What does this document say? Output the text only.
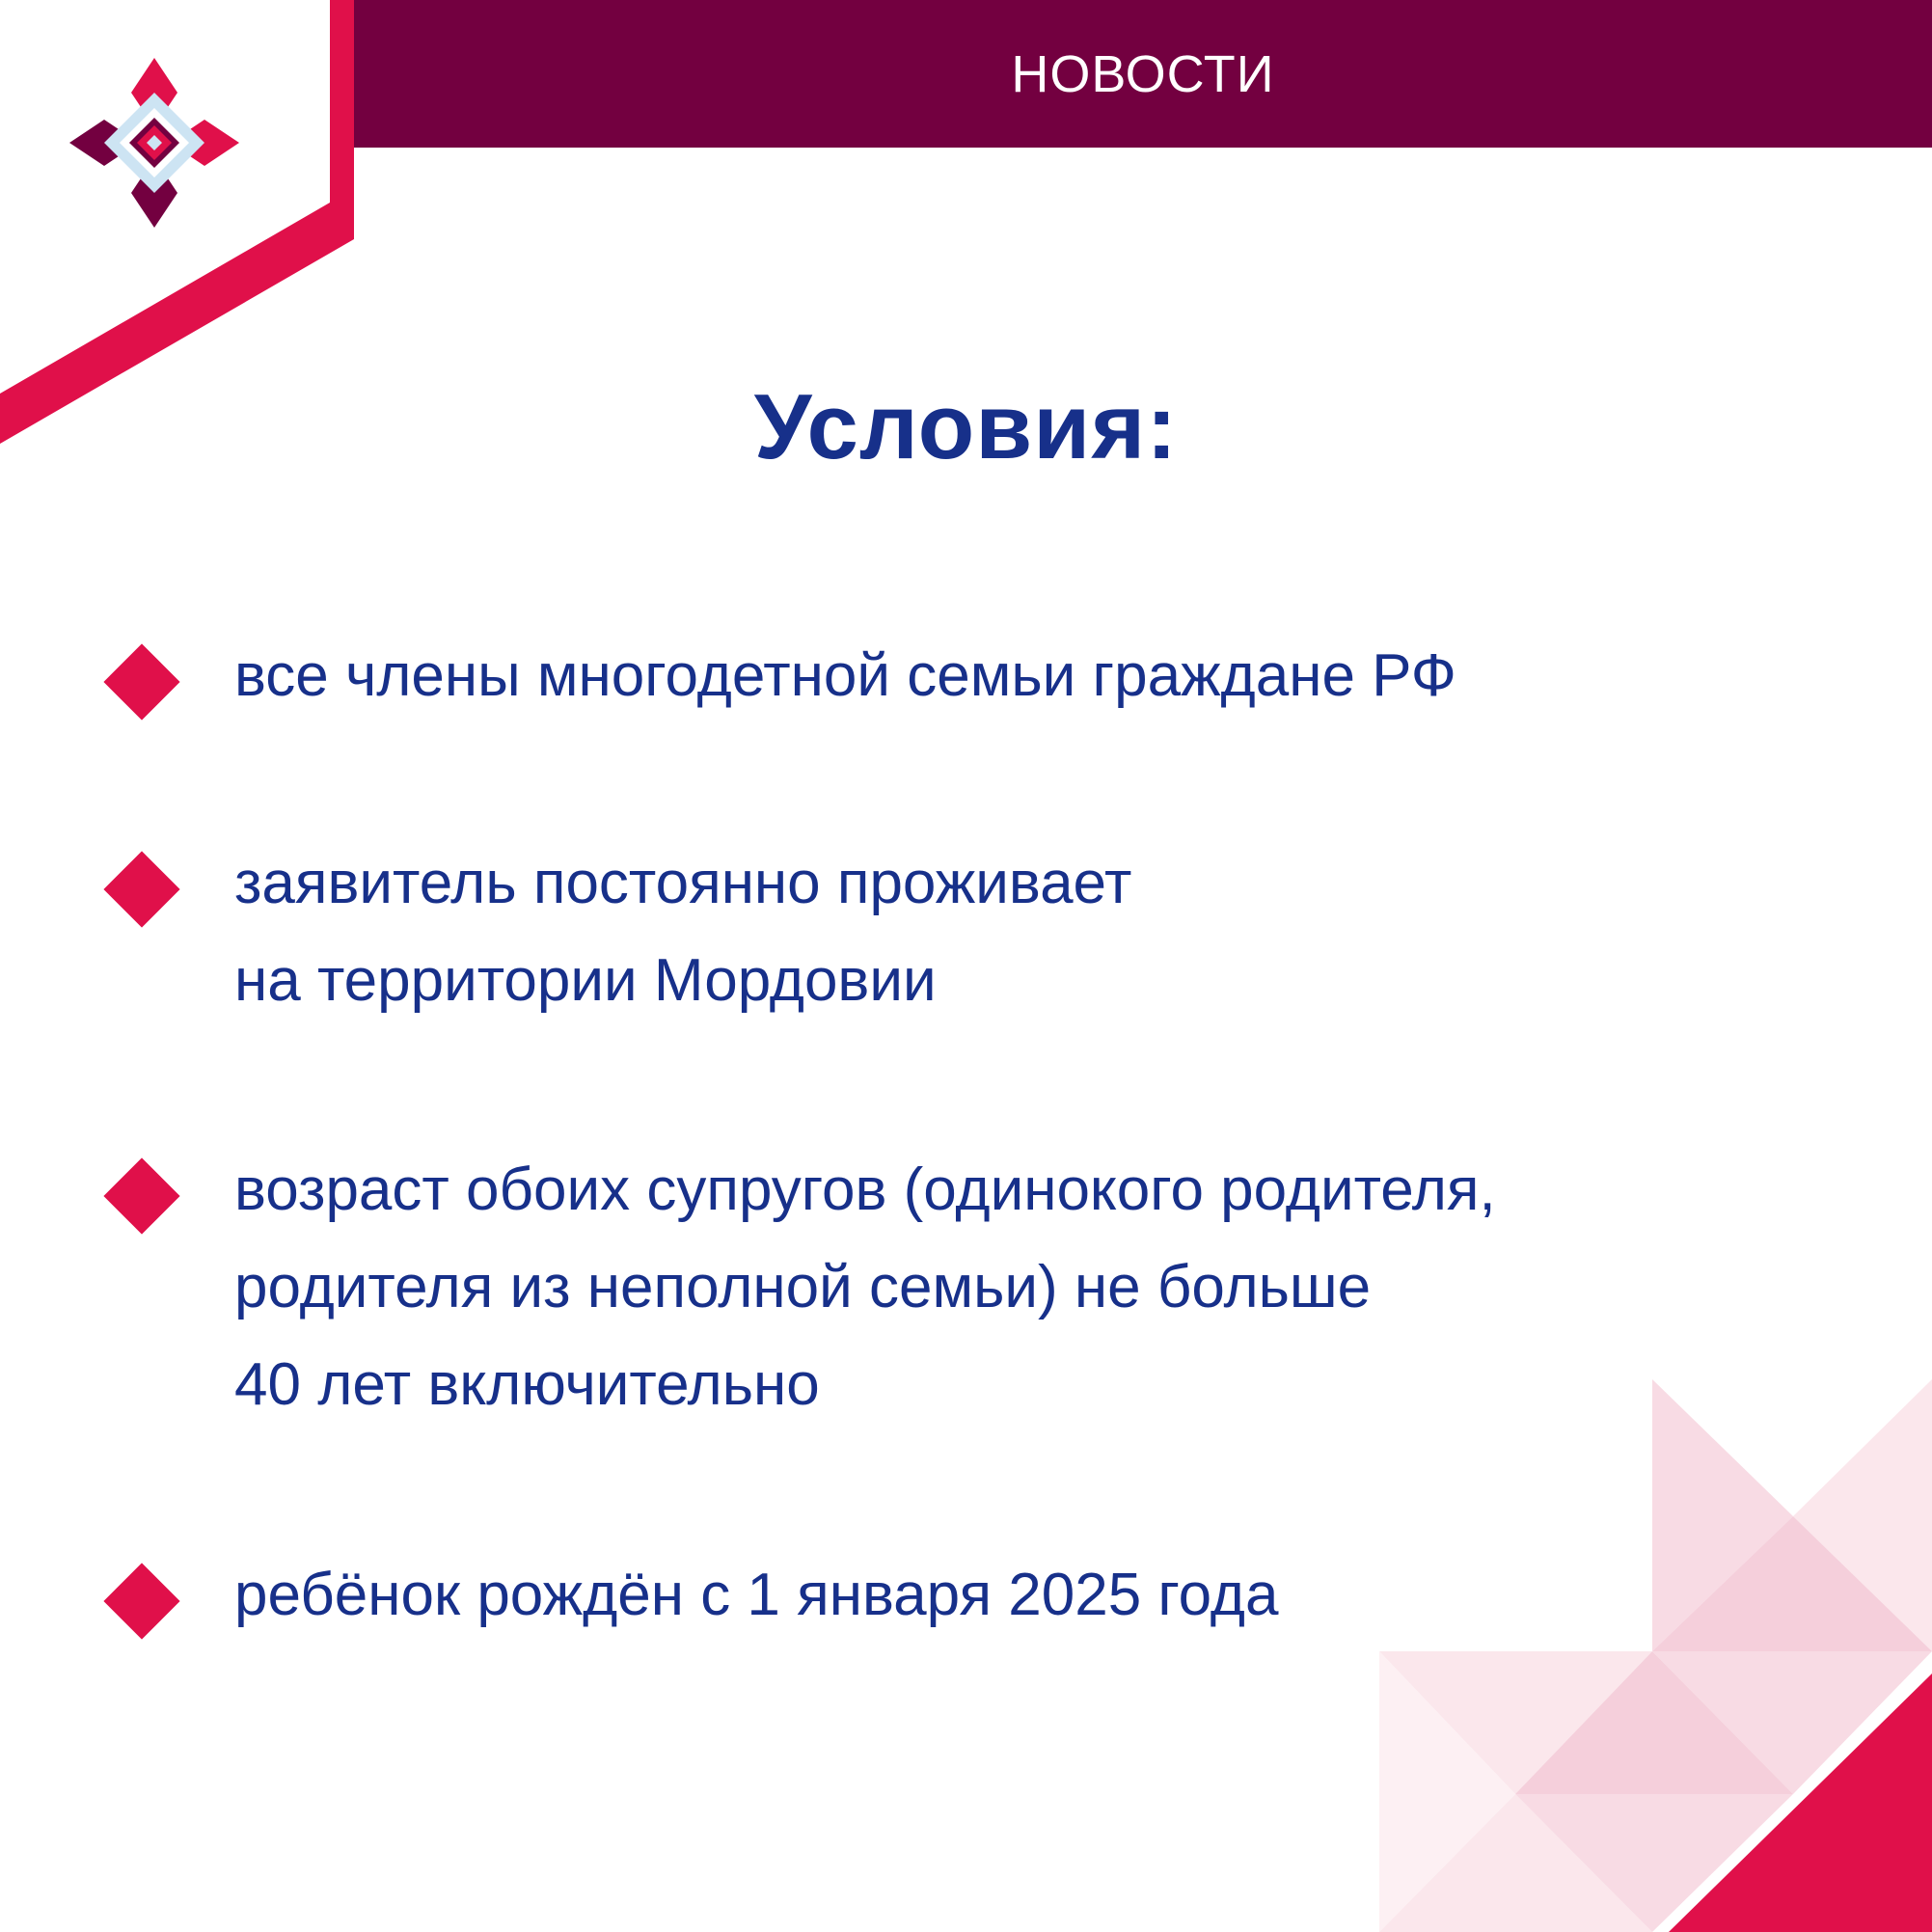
НОВОСТИ
Условия:
все члены многодетной семьи граждане РФ
заявитель постоянно проживает
на территории Мордовии
возраст обоих супругов (одинокого родителя,
родителя из неполной семьи) не больше
40 лет включительно
ребёнок рождён с 1 января 2025 года
